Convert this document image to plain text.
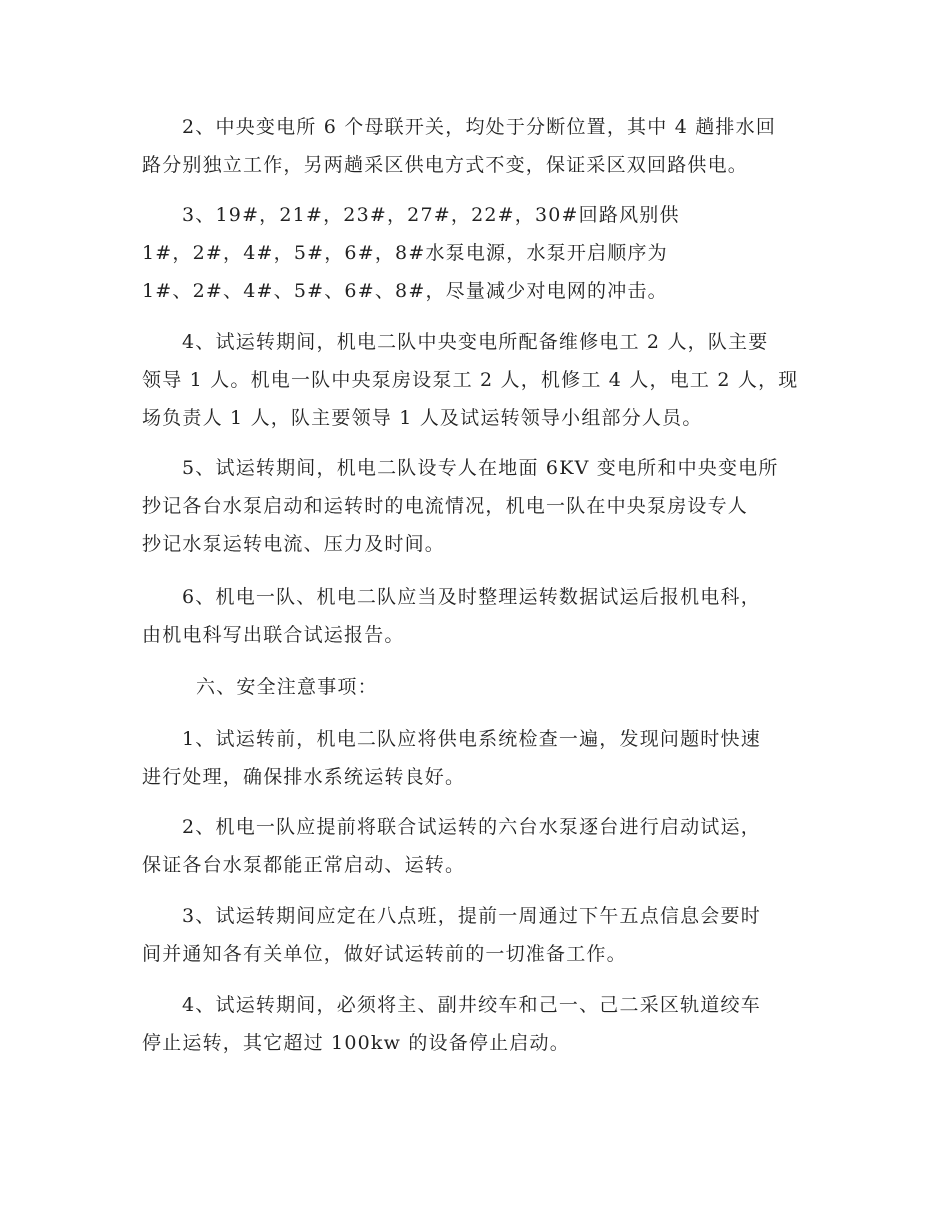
2、中央变电所 6 个母联开关，均处于分断位置，其中 4 趟排水回
路分别独立工作，另两趟采区供电方式不变，保证采区双回路供电。
3、19#，21#，23#，27#，22#，30#回路风别供
1#，2#，4#，5#，6#，8#水泵电源，水泵开启顺序为
1#、2#、4#、5#、6#、8#，尽量减少对电网的冲击。
4、试运转期间，机电二队中央变电所配备维修电工 2 人，队主要
领导 1 人。机电一队中央泵房设泵工 2 人，机修工 4 人，电工 2 人，现
场负责人 1 人，队主要领导 1 人及试运转领导小组部分人员。
5、试运转期间，机电二队设专人在地面 6KV 变电所和中央变电所
抄记各台水泵启动和运转时的电流情况，机电一队在中央泵房设专人
抄记水泵运转电流、压力及时间。
6、机电一队、机电二队应当及时整理运转数据试运后报机电科，
由机电科写出联合试运报告。
六、安全注意事项：
1、试运转前，机电二队应将供电系统检查一遍，发现问题时快速
进行处理，确保排水系统运转良好。
2、机电一队应提前将联合试运转的六台水泵逐台进行启动试运，
保证各台水泵都能正常启动、运转。
3、试运转期间应定在八点班，提前一周通过下午五点信息会要时
间并通知各有关单位，做好试运转前的一切准备工作。
4、试运转期间，必须将主、副井绞车和己一、己二采区轨道绞车
停止运转，其它超过 100kw 的设备停止启动。
